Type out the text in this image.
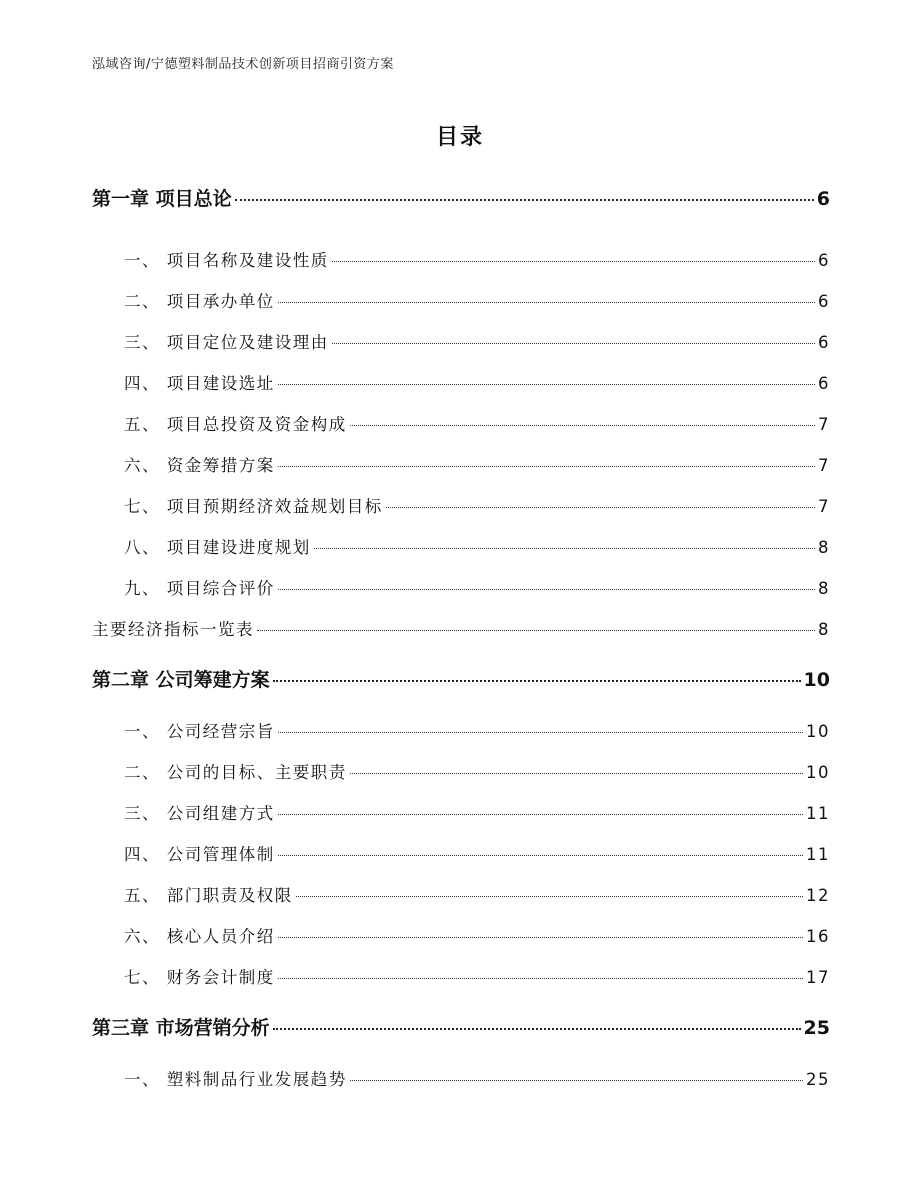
泓域咨询/宁德塑料制品技术创新项目招商引资方案
目录
第一章 项目总论	6
一、 项目名称及建设性质	6
二、 项目承办单位	6
三、 项目定位及建设理由	6
四、 项目建设选址	6
五、 项目总投资及资金构成	7
六、 资金筹措方案	7
七、 项目预期经济效益规划目标	7
八、 项目建设进度规划	8
九、 项目综合评价	8
主要经济指标一览表	8
第二章 公司筹建方案	10
一、 公司经营宗旨	10
二、 公司的目标、主要职责	10
三、 公司组建方式	11
四、 公司管理体制	11
五、 部门职责及权限	12
六、 核心人员介绍	16
七、 财务会计制度	17
第三章 市场营销分析	25
一、 塑料制品行业发展趋势	25
